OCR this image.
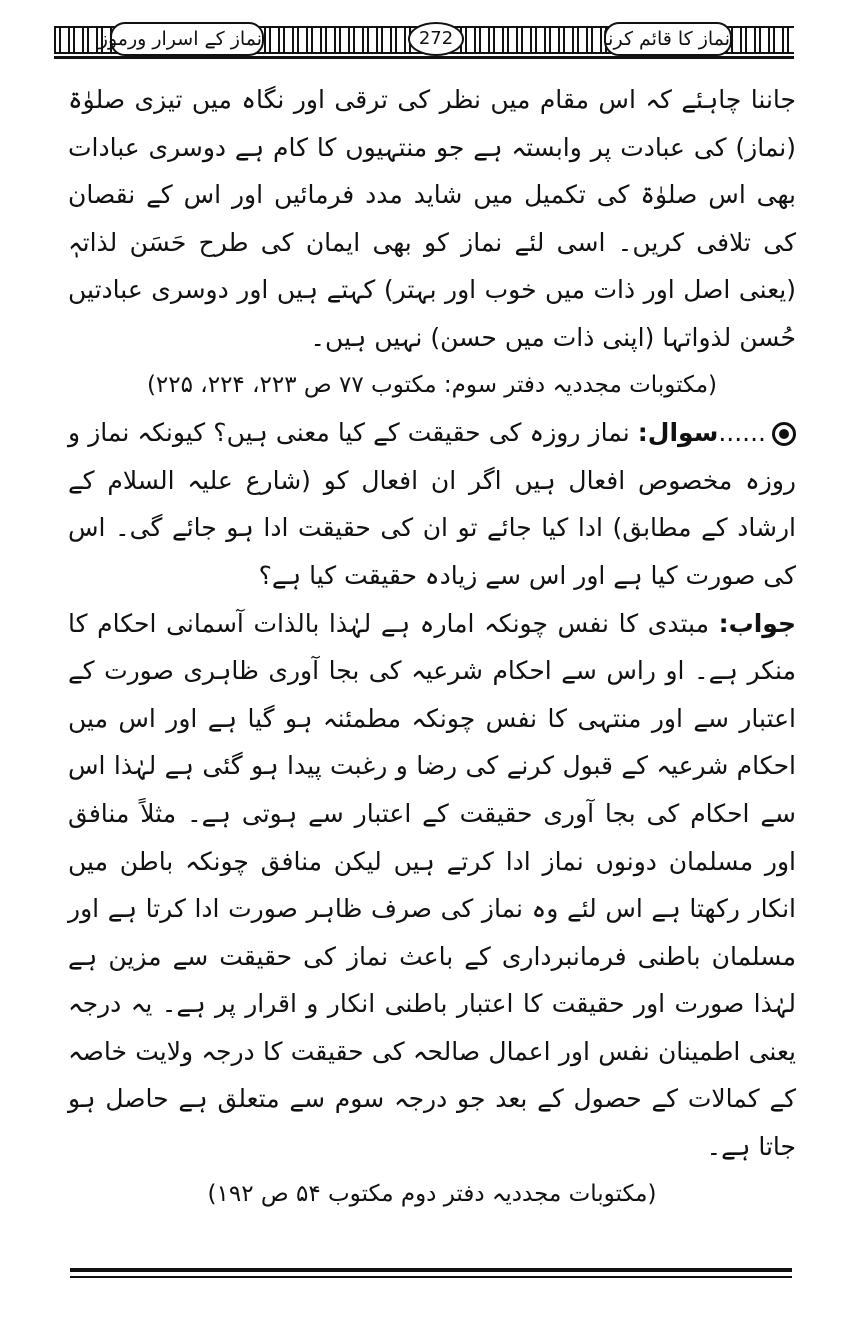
نماز کے اسرار ورموز	272	نماز کا قائم کرنا

جاننا چاہئے کہ اس مقام میں نظر کی ترقی اور نگاہ میں تیزی صلوٰۃ (نماز) کی عبادت پر وابستہ ہے جو منتہیوں کا کام ہے دوسری عبادات بھی اس صلوٰۃ کی تکمیل میں شاید مدد فرمائیں اور اس کے نقصان کی تلافی کریں۔ اسی لئے نماز کو بھی ایمان کی طرح حَسَن لذاتہٖ (یعنی اصل اور ذات میں خوب اور بہتر) کہتے ہیں اور دوسری عبادتیں حُسن لذواتہا (اپنی ذات میں حسن) نہیں ہیں۔

(مکتوبات مجددیہ دفتر سوم: مکتوب ۷۷ ص ۲۲۳، ۲۲۴، ۲۲۵)

......سوال: نماز روزہ کی حقیقت کے کیا معنی ہیں؟ کیونکہ نماز و روزہ مخصوص افعال ہیں اگر ان افعال کو (شارع علیہ السلام کے ارشاد کے مطابق) ادا کیا جائے تو ان کی حقیقت ادا ہو جائے گی۔ اس کی صورت کیا ہے اور اس سے زیادہ حقیقت کیا ہے؟

جواب: مبتدی کا نفس چونکہ امارہ ہے لہٰذا بالذات آسمانی احکام کا منکر ہے۔ او راس سے احکام شرعیہ کی بجا آوری ظاہری صورت کے اعتبار سے اور منتہی کا نفس چونکہ مطمئنہ ہو گیا ہے اور اس میں احکام شرعیہ کے قبول کرنے کی رضا و رغبت پیدا ہو گئی ہے لہٰذا اس سے احکام کی بجا آوری حقیقت کے اعتبار سے ہوتی ہے۔ مثلاً منافق اور مسلمان دونوں نماز ادا کرتے ہیں لیکن منافق چونکہ باطن میں انکار رکھتا ہے اس لئے وہ نماز کی صرف ظاہر صورت ادا کرتا ہے اور مسلمان باطنی فرمانبرداری کے باعث نماز کی حقیقت سے مزین ہے لہٰذا صورت اور حقیقت کا اعتبار باطنی انکار و اقرار پر ہے۔ یہ درجہ یعنی اطمینان نفس اور اعمال صالحہ کی حقیقت کا درجہ ولایت خاصہ کے کمالات کے حصول کے بعد جو درجہ سوم سے متعلق ہے حاصل ہو جاتا ہے۔

(مکتوبات مجددیہ دفتر دوم مکتوب ۵۴ ص ۱۹۲)
